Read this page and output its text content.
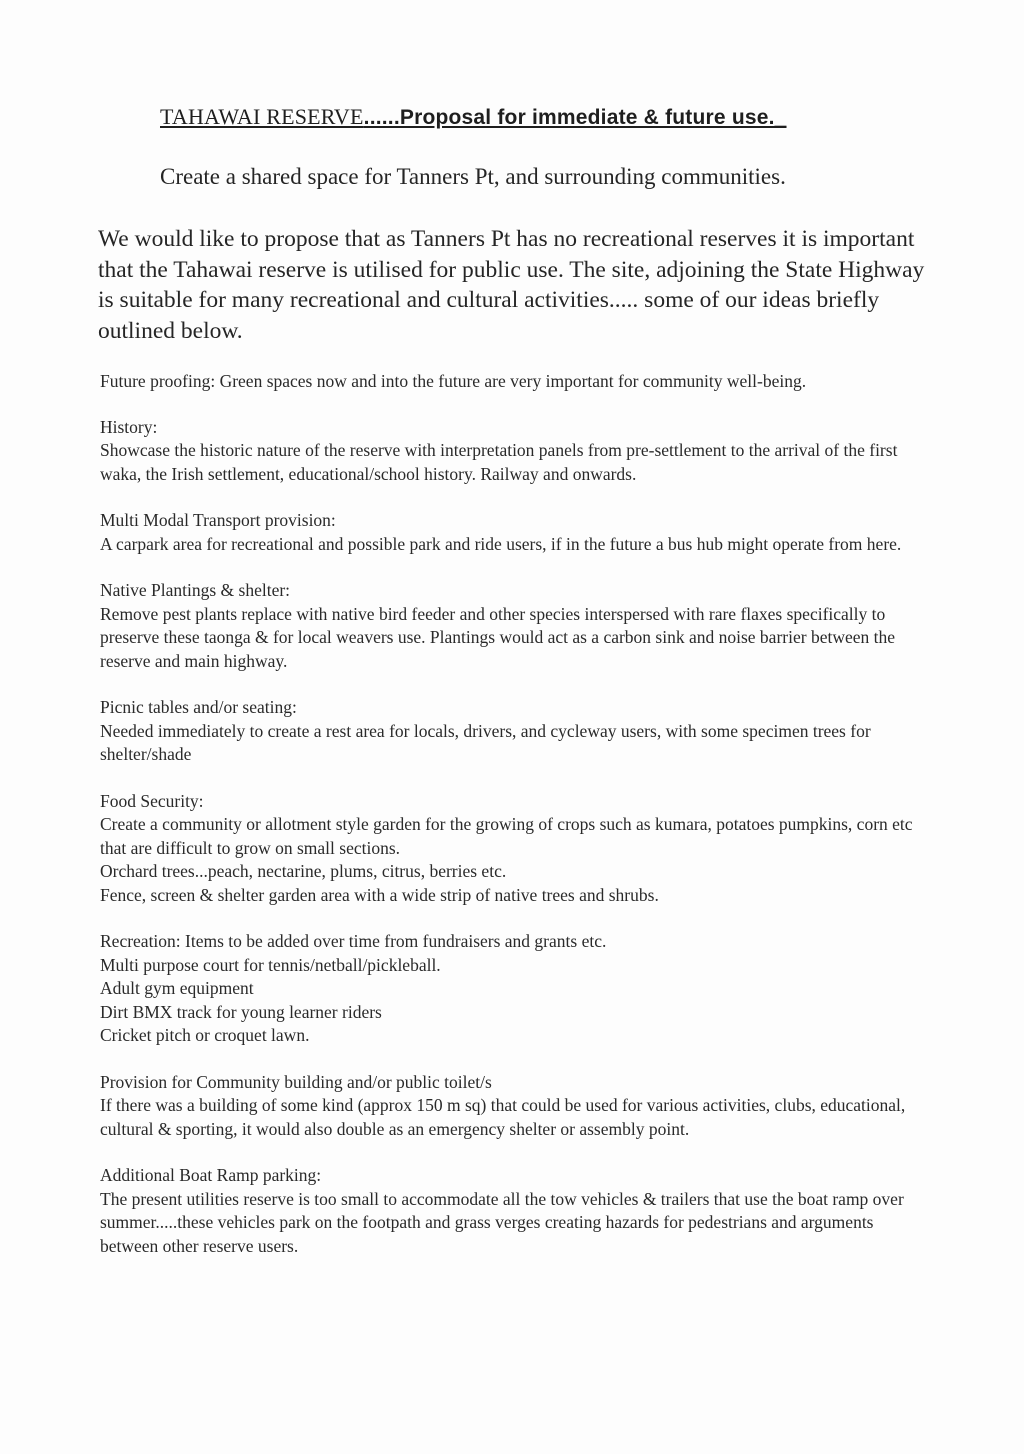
TAHAWAI RESERVE......Proposal for immediate & future use._
Create a shared space for Tanners Pt, and surrounding communities.

We would like to propose that as Tanners Pt has no recreational reserves it is important that the Tahawai reserve is utilised for public use. The site, adjoining the State Highway is suitable for many recreational and cultural activities..... some of our ideas briefly outlined below.

Future proofing: Green spaces now and into the future are very important for community well-being.

History:
Showcase the historic nature of the reserve with interpretation panels from pre-settlement to the arrival of the first waka, the Irish settlement, educational/school history. Railway and onwards.
Multi Modal Transport provision:
A carpark area for recreational and possible park and ride users, if in the future a bus hub might operate from here.
Native Plantings & shelter:
Remove pest plants replace with native bird feeder and other species interspersed with rare flaxes specifically to preserve these taonga & for local weavers use. Plantings would act as a carbon sink and noise barrier between the reserve and main highway.
Picnic tables and/or seating:
Needed immediately to create a rest area for locals, drivers, and cycleway users, with some specimen trees for shelter/shade
Food Security:
Create a community or allotment style garden for the growing of crops such as kumara, potatoes pumpkins, corn etc that are difficult to grow on small sections.
Orchard trees...peach, nectarine, plums, citrus, berries etc.
Fence, screen & shelter garden area with a wide strip of native trees and shrubs.
Recreation: Items to be added over time from fundraisers and grants etc.
Multi purpose court for tennis/netball/pickleball.
Adult gym equipment
Dirt BMX track for young learner riders
Cricket pitch or croquet lawn.
Provision for Community building and/or public toilet/s
If there was a building of some kind (approx 150 m sq) that could be used for various activities, clubs, educational, cultural & sporting, it would also double as an emergency shelter or assembly point.
Additional Boat Ramp parking:
The present utilities reserve is too small to accommodate all the tow vehicles & trailers that use the boat ramp over summer.....these vehicles park on the footpath and grass verges creating hazards for pedestrians and arguments between other reserve users.
